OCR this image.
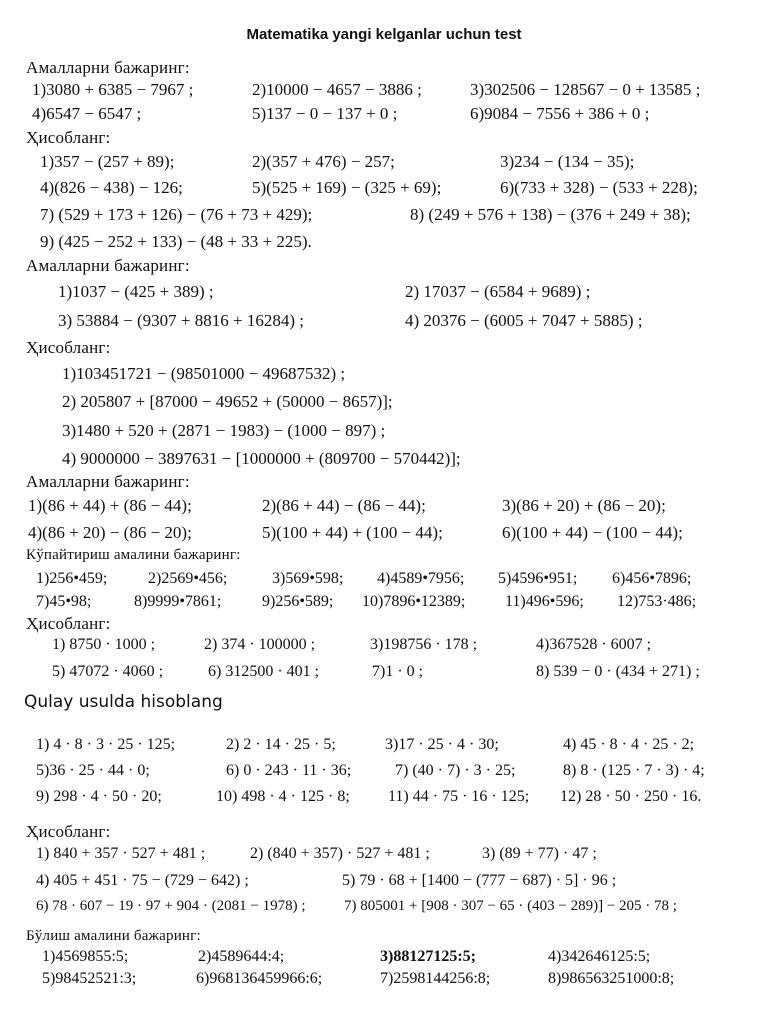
Matematika yangi kelganlar uchun test
Амалларни бажаринг:
1)3080 + 6385 − 7967 ;	2)10000 − 4657 − 3886 ;	3)302506 − 128567 − 0 + 13585 ;
4)6547 − 6547 ;	5)137 − 0 − 137 + 0 ;	6)9084 − 7556 + 386 + 0 ;
Ҳисобланг:
1)357 − (257 + 89);	2)(357 + 476) − 257;	3)234 − (134 − 35);
4)(826 − 438) − 126;	5)(525 + 169) − (325 + 69);	6)(733 + 328) − (533 + 228);
7) (529 + 173 + 126) − (76 + 73 + 429);	8) (249 + 576 + 138) − (376 + 249 + 38);
9) (425 − 252 + 133) − (48 + 33 + 225).
Амалларни бажаринг:
1)1037 − (425 + 389) ;	2) 17037 − (6584 + 9689) ;
3) 53884 − (9307 + 8816 + 16284) ;	4) 20376 − (6005 + 7047 + 5885) ;
Ҳисобланг:
1)103451721 − (98501000 − 49687532) ;
2) 205807 + [87000 − 49652 + (50000 − 8657)];
3)1480 + 520 + (2871 − 1983) − (1000 − 897) ;
4) 9000000 − 3897631 − [1000000 + (809700 − 570442)];
Амалларни бажаринг:
1)(86 + 44) + (86 − 44);	2)(86 + 44) − (86 − 44);	3)(86 + 20) + (86 − 20);
4)(86 + 20) − (86 − 20);	5)(100 + 44) + (100 − 44);	6)(100 + 44) − (100 − 44);
Кўпайтириш амалини бажаринг:
1)256•459;	2)2569•456;	3)569•598; 4)4589•7956; 5)4596•951; 6)456•7896;
7)45•98;	8)9999•7861;	9)256•589; 10)7896•12389; 11)496•596; 12)753·486;
Ҳисобланг:
1) 8750 · 1000 ;	2) 374 · 100000 ;	3)198756 · 178 ;	4)367528 · 6007 ;
5) 47072 · 4060 ;	6) 312500 · 401 ;	7)1 · 0 ;	8) 539 − 0 · (434 + 271) ;
Qulay usulda hisoblang
1) 4 · 8 · 3 · 25 · 125;	2) 2 · 14 · 25 · 5;	3)17 · 25 · 4 · 30;	4) 45 · 8 · 4 · 25 · 2;
5)36 · 25 · 44 · 0;	6) 0 · 243 · 11 · 36;	7) (40 · 7) · 3 · 25;	8) 8 · (125 · 7 · 3) · 4;
9) 298 · 4 · 50 · 20;	10) 498 · 4 · 125 · 8; 11) 44 · 75 · 16 · 125; 12) 28 · 50 · 250 · 16.
Ҳисобланг:
1) 840 + 357 · 527 + 481 ;	2) (840 + 357) · 527 + 481 ;	3) (89 + 77) · 47 ;
4) 405 + 451 · 75 − (729 − 642) ;	5) 79 · 68 + [1400 − (777 − 687) · 5] · 96 ;
6) 78 · 607 − 19 · 97 + 904 · (2081 − 1978) ;	7) 805001 + [908 · 307 − 65 · (403 − 289)] − 205 · 78 ;
Бўлиш амалини бажаринг:
1)4569855:5;	2)4589644:4;	3)88127125:5;	4)342646125:5;
5)98452521:3;	6)968136459966:6;	7)2598144256:8;	8)986563251000:8;
